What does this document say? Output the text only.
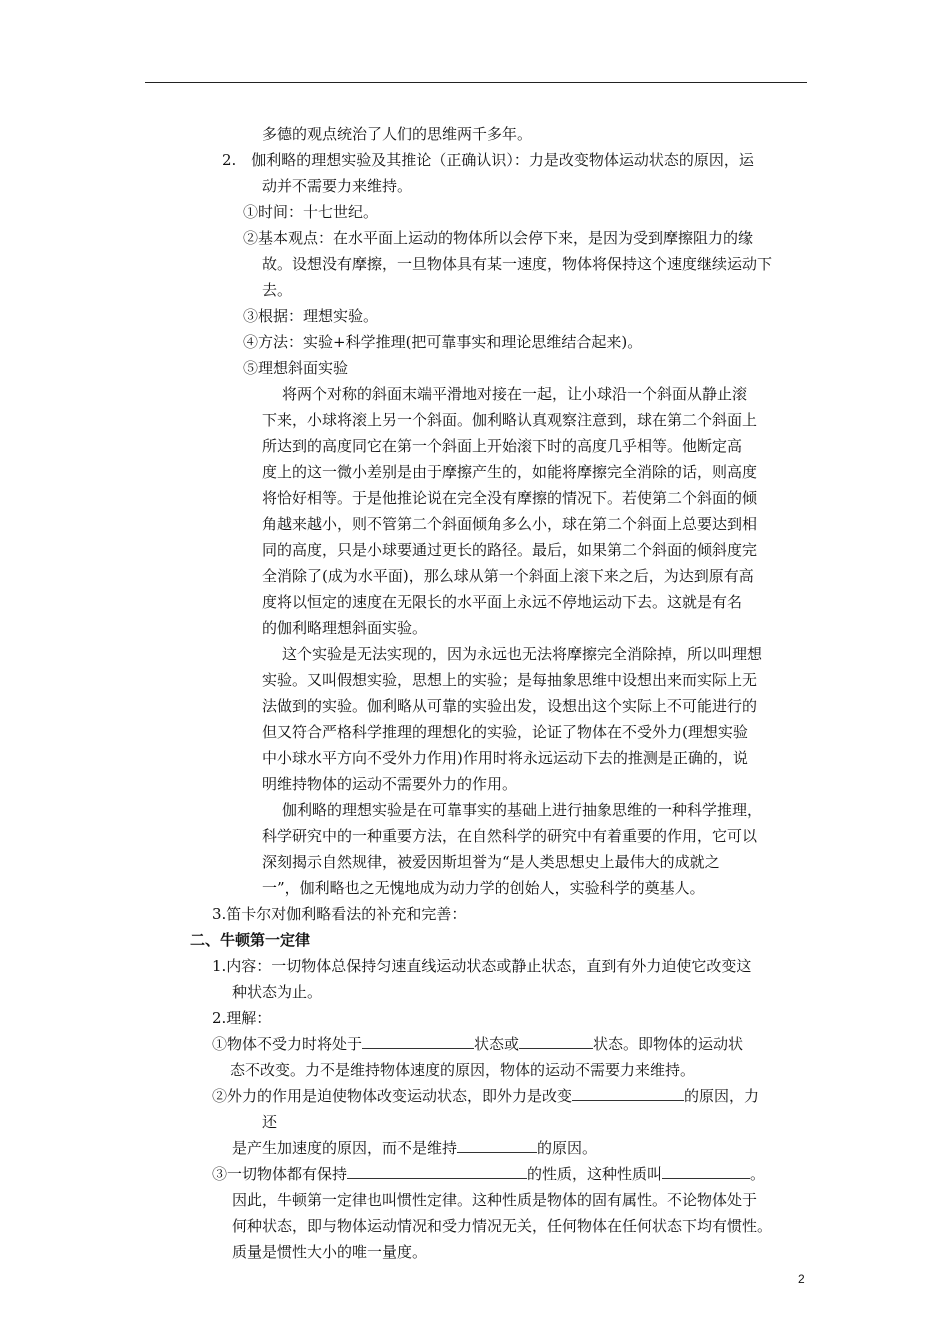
多德的观点统治了人们的思维两千多年。
2.　伽利略的理想实验及其推论（正确认识）：力是改变物体运动状态的原因，运
动并不需要力来维持。
①时间：十七世纪。
②基本观点：在水平面上运动的物体所以会停下来，是因为受到摩擦阻力的缘
故。设想没有摩擦，一旦物体具有某一速度，物体将保持这个速度继续运动下
去。
③根据：理想实验。
④方法：实验+科学推理(把可靠事实和理论思维结合起来)。
⑤理想斜面实验
将两个对称的斜面末端平滑地对接在一起，让小球沿一个斜面从静止滚
下来，小球将滚上另一个斜面。伽利略认真观察注意到，球在第二个斜面上
所达到的高度同它在第一个斜面上开始滚下时的高度几乎相等。他断定高
度上的这一微小差别是由于摩擦产生的，如能将摩擦完全消除的话，则高度
将恰好相等。于是他推论说在完全没有摩擦的情况下。若使第二个斜面的倾
角越来越小，则不管第二个斜面倾角多么小，球在第二个斜面上总要达到相
同的高度，只是小球要通过更长的路径。最后，如果第二个斜面的倾斜度完
全消除了(成为水平面)，那么球从第一个斜面上滚下来之后，为达到原有高
度将以恒定的速度在无限长的水平面上永远不停地运动下去。这就是有名
的伽利略理想斜面实验。
这个实验是无法实现的，因为永远也无法将摩擦完全消除掉，所以叫理想
实验。又叫假想实验，思想上的实验；是每抽象思维中设想出来而实际上无
法做到的实验。伽利略从可靠的实验出发，设想出这个实际上不可能进行的
但又符合严格科学推理的理想化的实验，论证了物体在不受外力(理想实验
中小球水平方向不受外力作用)作用时将永远运动下去的推测是正确的，说
明维持物体的运动不需要外力的作用。
伽利略的理想实验是在可靠事实的基础上进行抽象思维的一种科学推理，
科学研究中的一种重要方法，在自然科学的研究中有着重要的作用，它可以
深刻揭示自然规律，被爱因斯坦誉为“是人类思想史上最伟大的成就之
一”，伽利略也之无愧地成为动力学的创始人，实验科学的奠基人。
3.笛卡尔对伽利略看法的补充和完善：
二、牛顿第一定律
1.内容：一切物体总保持匀速直线运动状态或静止状态，直到有外力迫使它改变这
种状态为止。
2.理解：
①物体不受力时将处于	状态或	状态。即物体的运动状
态不改变。力不是维持物体速度的原因，物体的运动不需要力来维持。
②外力的作用是迫使物体改变运动状态，即外力是改变	的原因，力
还
是产生加速度的原因，而不是维持	的原因。
③一切物体都有保持	的性质，这种性质叫	。
因此，牛顿第一定律也叫惯性定律。这种性质是物体的固有属性。不论物体处于
何种状态，即与物体运动情况和受力情况无关，任何物体在任何状态下均有惯性。
质量是惯性大小的唯一量度。
2
